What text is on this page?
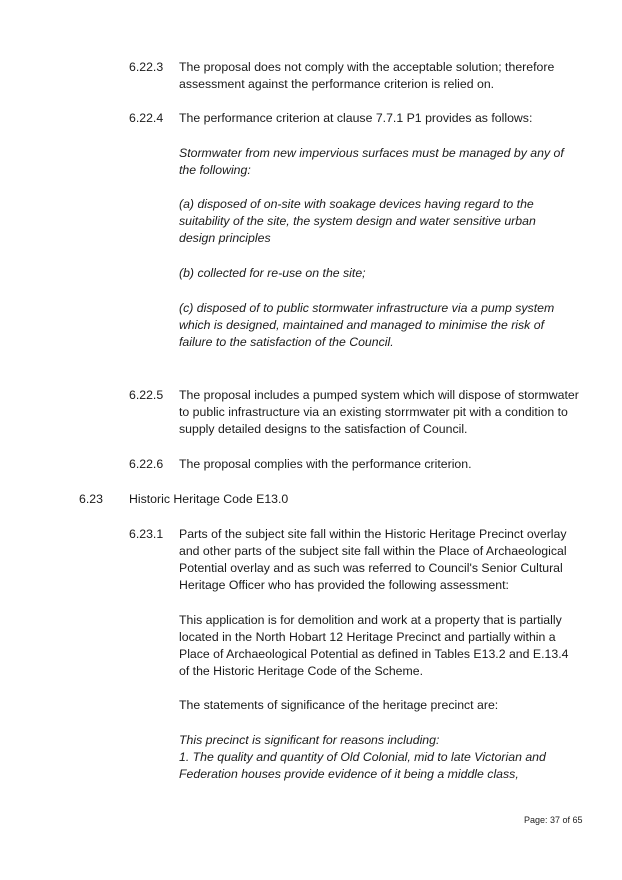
6.22.3 The proposal does not comply with the acceptable solution; therefore
assessment against the performance criterion is relied on.
6.22.4 The performance criterion at clause 7.7.1 P1 provides as follows:
Stormwater from new impervious surfaces must be managed by any of
the following:
(a) disposed of on-site with soakage devices having regard to the
suitability of the site, the system design and water sensitive urban
design principles
(b) collected for re-use on the site;
(c) disposed of to public stormwater infrastructure via a pump system
which is designed, maintained and managed to minimise the risk of
failure to the satisfaction of the Council.
6.22.5 The proposal includes a pumped system which will dispose of stormwater
to public infrastructure via an existing storrmwater pit with a condition to
supply detailed designs to the satisfaction of Council.
6.22.6 The proposal complies with the performance criterion.
6.23 Historic Heritage Code E13.0
6.23.1 Parts of the subject site fall within the Historic Heritage Precinct overlay
and other parts of the subject site fall within the Place of Archaeological
Potential overlay and as such was referred to Council's Senior Cultural
Heritage Officer who has provided the following assessment:
This application is for demolition and work at a property that is partially
located in the North Hobart 12 Heritage Precinct and partially within a
Place of Archaeological Potential as defined in Tables E13.2 and E.13.4
of the Historic Heritage Code of the Scheme.
The statements of significance of the heritage precinct are:
This precinct is significant for reasons including:
1. The quality and quantity of Old Colonial, mid to late Victorian and
Federation houses provide evidence of it being a middle class,
Page: 37 of 65
